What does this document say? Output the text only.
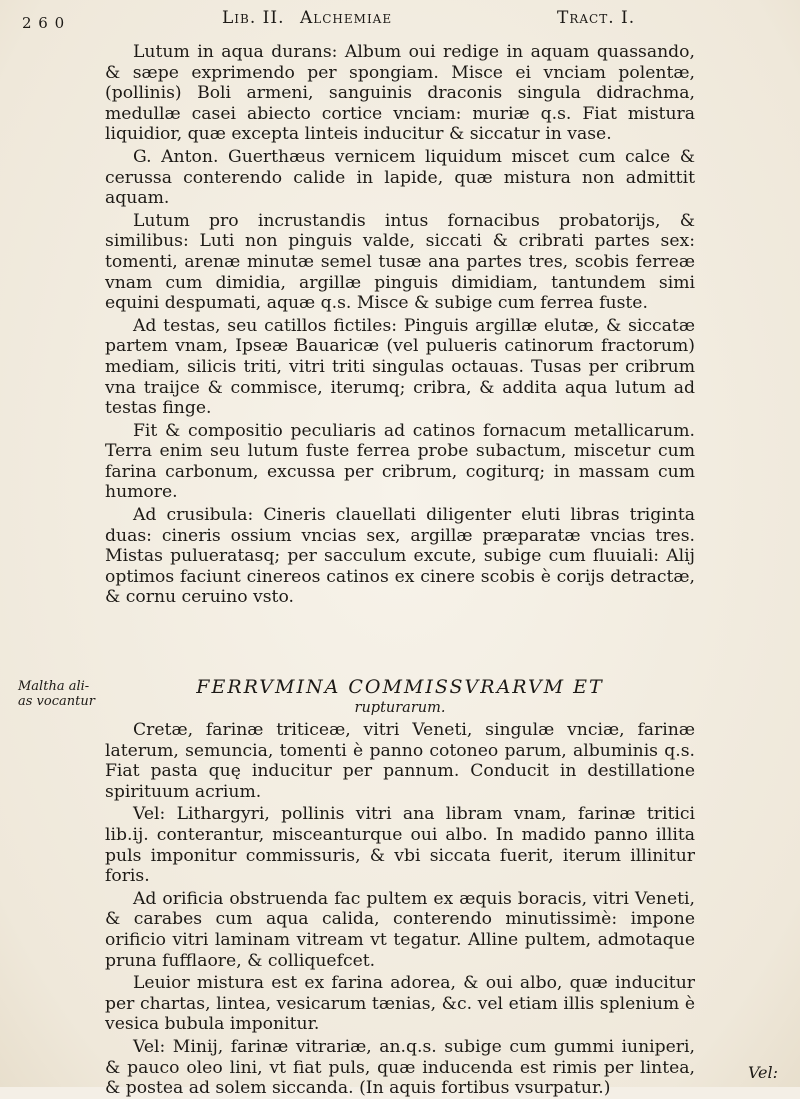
2 6 0	Lib. II. Alchemiae	Tract. I.

Lutum in aqua durans: Album oui redige in aquam quassando, & sæpe exprimendo per spongiam. Misce ei vnciam polentæ, (pollinis) Boli armeni, sanguinis draconis singula didrachma, medullæ casei abiecto cortice vnciam: muriæ q.s. Fiat mistura liquidior, quæ excepta linteis inducitur & siccatur in vase.

G. Anton. Guerthæus vernicem liquidum miscet cum calce & cerussa conterendo calide in lapide, quæ mistura non admittit aquam.

Lutum pro incrustandis intus fornacibus probatorijs, & similibus: Luti non pinguis valde, siccati & cribrati partes sex: tomenti, arenæ minutæ semel tusæ ana partes tres, scobis ferreæ vnam cum dimidia, argillæ pinguis dimidiam, tantundem simi equini despumati, aquæ q.s. Misce & subige cum ferrea fuste.

Ad testas, seu catillos fictiles: Pinguis argillæ elutæ, & siccatæ partem vnam, Ipseæ Bauaricæ (vel pulueris catinorum fractorum) mediam, silicis triti, vitri triti singulas octauas. Tusas per cribrum vna traijce & commisce, iterumq; cribra, & addita aqua lutum ad testas finge.

Fit & compositio peculiaris ad catinos fornacum metallicarum. Terra enim seu lutum fuste ferrea probe subactum, miscetur cum farina carbonum, excussa per cribrum, cogiturq; in massam cum humore.

Ad crusibula: Cineris clauellati diligenter eluti libras triginta duas: cineris ossium vncias sex, argillæ præparatæ vncias tres. Mistas pulueratasq; per sacculum excute, subige cum fluuiali: Alij optimos faciunt cinereos catinos ex cinere scobis è corijs detractæ, & cornu ceruino vsto.

Maltha ali- as vocantur
FERRVMINA COMMISSVRARVM ET
rupturarum.

Cretæ, farinæ triticeæ, vitri Veneti, singulæ vnciæ, farinæ laterum, semuncia, tomenti è panno cotoneo parum, albuminis q.s. Fiat pasta quę inducitur per pannum. Conducit in destillatione spirituum acrium.

Vel: Lithargyri, pollinis vitri ana libram vnam, farinæ tritici lib.ij. conterantur, misceanturque oui albo. In madido panno illita puls imponitur commissuris, & vbi siccata fuerit, iterum illinitur foris.

Ad orificia obstruenda fac pultem ex æquis boracis, vitri Veneti, & carabes cum aqua calida, conterendo minutissimè: impone orificio vitri laminam vitream vt tegatur. Alline pultem, admotaque pruna fufflaore, & colliquefcet.

Leuior mistura est ex farina adorea, & oui albo, quæ inducitur per chartas, lintea, vesicarum tænias, &c. vel etiam illis splenium è vesica bubula imponitur.

Vel: Minij, farinæ vitrariæ, an.q.s. subige cum gummi iuniperi, & pauco oleo lini, vt fiat puls, quæ inducenda est rimis per lintea, & postea ad solem siccanda. (In aquis fortibus vsurpatur.)

Vel:
